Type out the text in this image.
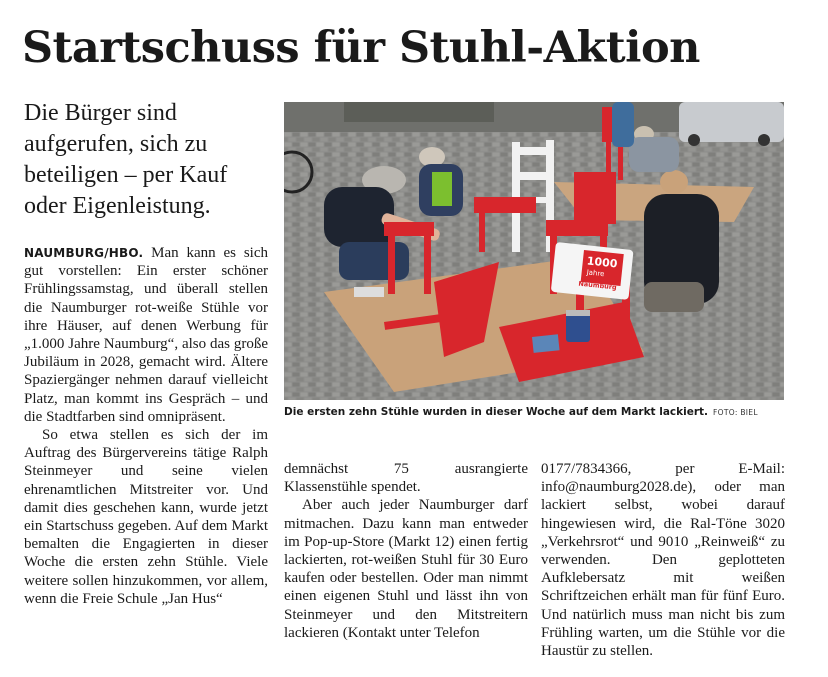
Startschuss für Stuhl-Aktion

Die Bürger sind aufgerufen, sich zu beteiligen – per Kauf oder Eigenleistung.

1000
Jahre
Naumburg
Die ersten zehn Stühle wurden in dieser Woche auf dem Markt lackiert. FOTO: BIEL

NAUMBURG/HBO. Man kann es sich gut vorstellen: Ein erster schöner Frühlingssamstag, und überall stellen die Naumburger rot-weiße Stühle vor ihre Häuser, auf denen Werbung für „1.000 Jahre Naumburg“, also das große Jubiläum in 2028, gemacht wird. Ältere Spaziergänger nehmen darauf vielleicht Platz, man kommt ins Gespräch – und die Stadtfarben sind omnipräsent.

So etwa stellen es sich der im Auftrag des Bürgervereins tätige Ralph Steinmeyer und seine vielen ehrenamtlichen Mitstreiter vor. Und damit dies geschehen kann, wurde jetzt ein Startschuss gegeben. Auf dem Markt bemalten die Engagierten in dieser Woche die ersten zehn Stühle. Viele weitere sollen hinzukommen, vor allem, wenn die Freie Schule „Jan Hus“

demnächst 75 ausrangierte Klassenstühle spendet.

Aber auch jeder Naumburger darf mitmachen. Dazu kann man entweder im Pop-up-Store (Markt 12) einen fertig lackierten, rot-weißen Stuhl für 30 Euro kaufen oder bestellen. Oder man nimmt einen eigenen Stuhl und lässt ihn von Steinmeyer und den Mitstreitern lackieren (Kontakt unter Telefon

0177/7834366, per E-Mail: info@naumburg2028.de), oder man lackiert selbst, wobei darauf hingewiesen wird, die Ral-Töne 3020 „Verkehrsrot“ und 9010 „Reinweiß“ zu verwenden. Den geplotteten Aufklebersatz mit weißen Schriftzeichen erhält man für fünf Euro. Und natürlich muss man nicht bis zum Frühling warten, um die Stühle vor die Haustür zu stellen.
